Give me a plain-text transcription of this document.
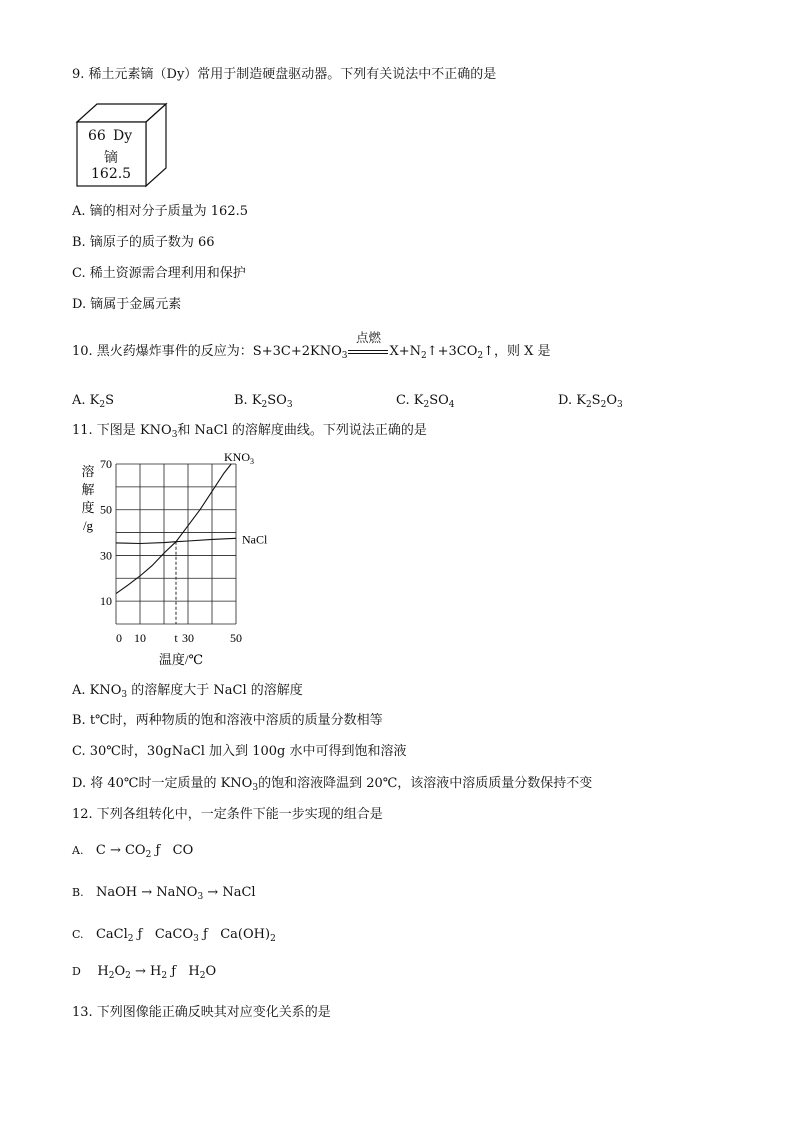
9. 稀土元素镝（Dy）常用于制造硬盘驱动器。下列有关说法中不正确的是
66 Dy
镝
162.5
A. 镝的相对分子质量为 162.5
B. 镝原子的质子数为 66
C. 稀土资源需合理利用和保护
D. 镝属于金属元素
10. 黑火药爆炸事件的反应为：$S+3C+2KNO_3$
点燃
$X+N_2↑+3CO_2↑$，则 X 是
A. $K_2S$	B. $K_2SO_3$	C. $K_2SO_4$	D. $K_2S_2O_3$
11. 下图是 $KNO_3$和 NaCl 的溶解度曲线。下列说法正确的是
溶
解
度
/g
10
30
50
70
0 10 t 30	50
温度/℃
$KNO_3$
NaCl
A. $KNO_3$ 的溶解度大于 NaCl 的溶解度
B. t℃时，两种物质的饱和溶液中溶质的质量分数相等
C. 30℃时，30gNaCl 加入到 100g 水中可得到饱和溶液
D. 将 40℃时一定质量的 $KNO_3$的饱和溶液降温到 20℃，该溶液中溶质质量分数保持不变
12. 下列各组转化中，一定条件下能一步实现的组合是
A. $C \to CO_2$ ƒ   CO
B. NaOH → NaNO$_3$ → NaCl
C. CaCl$_2$ ƒ   CaCO$_3$ ƒ   $Ca(OH)_2$
D $H_2O_2 \to H_2$ ƒ   $H_2O$
13. 下列图像能正确反映其对应变化关系的是
